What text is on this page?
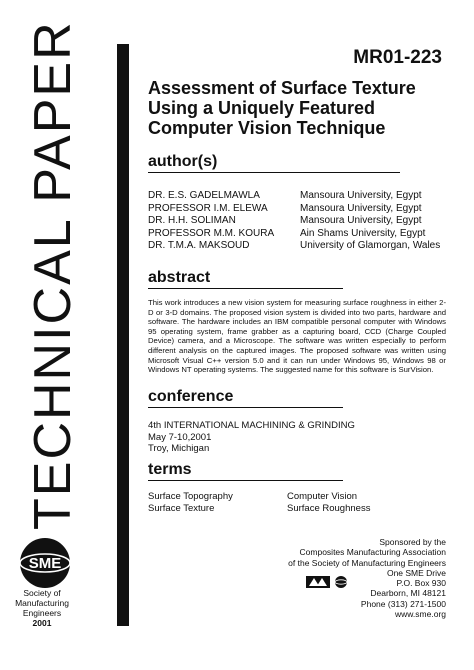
TECHNICAL PAPER	MR01-223
Assessment of Surface Texture
Using a Uniquely Featured
Computer Vision Technique
author(s)
DR. E.S. GADELMAWLA	Mansoura University, Egypt
PROFESSOR I.M. ELEWA	Mansoura University, Egypt
DR. H.H. SOLIMAN	Mansoura University, Egypt
PROFESSOR M.M. KOURA	Ain Shams University, Egypt
DR. T.M.A. MAKSOUD	University of Glamorgan, Wales
abstract

This work introduces a new vision system for measuring surface roughness in either 2-D or 3-D domains. The proposed vision system is divided into two parts, hardware and software. The hardware includes an IBM compatible personal computer with Windows 95 operating system, frame grabber as a capturing board, CCD (Charge Coupled Device) camera, and a Microscope. The software was written especially to perform different analysis on the captured images. The proposed software was written using Microsoft Visual C++ version 5.0 and it can run under Windows 95, Windows 98 or Windows NT operating systems. The suggested name for this software is SurVision.

conference
4th INTERNATIONAL MACHINING & GRINDING
May 7-10,2001
Troy, Michigan
terms
Surface Topography	Computer Vision
Surface Texture	Surface Roughness
SME
Society of
Manufacturing
Engineers
2001
Sponsored by the
Composites Manufacturing Association
of the Society of Manufacturing Engineers
One SME Drive
P.O. Box 930
Dearborn, MI 48121
Phone (313) 271-1500
www.sme.org
